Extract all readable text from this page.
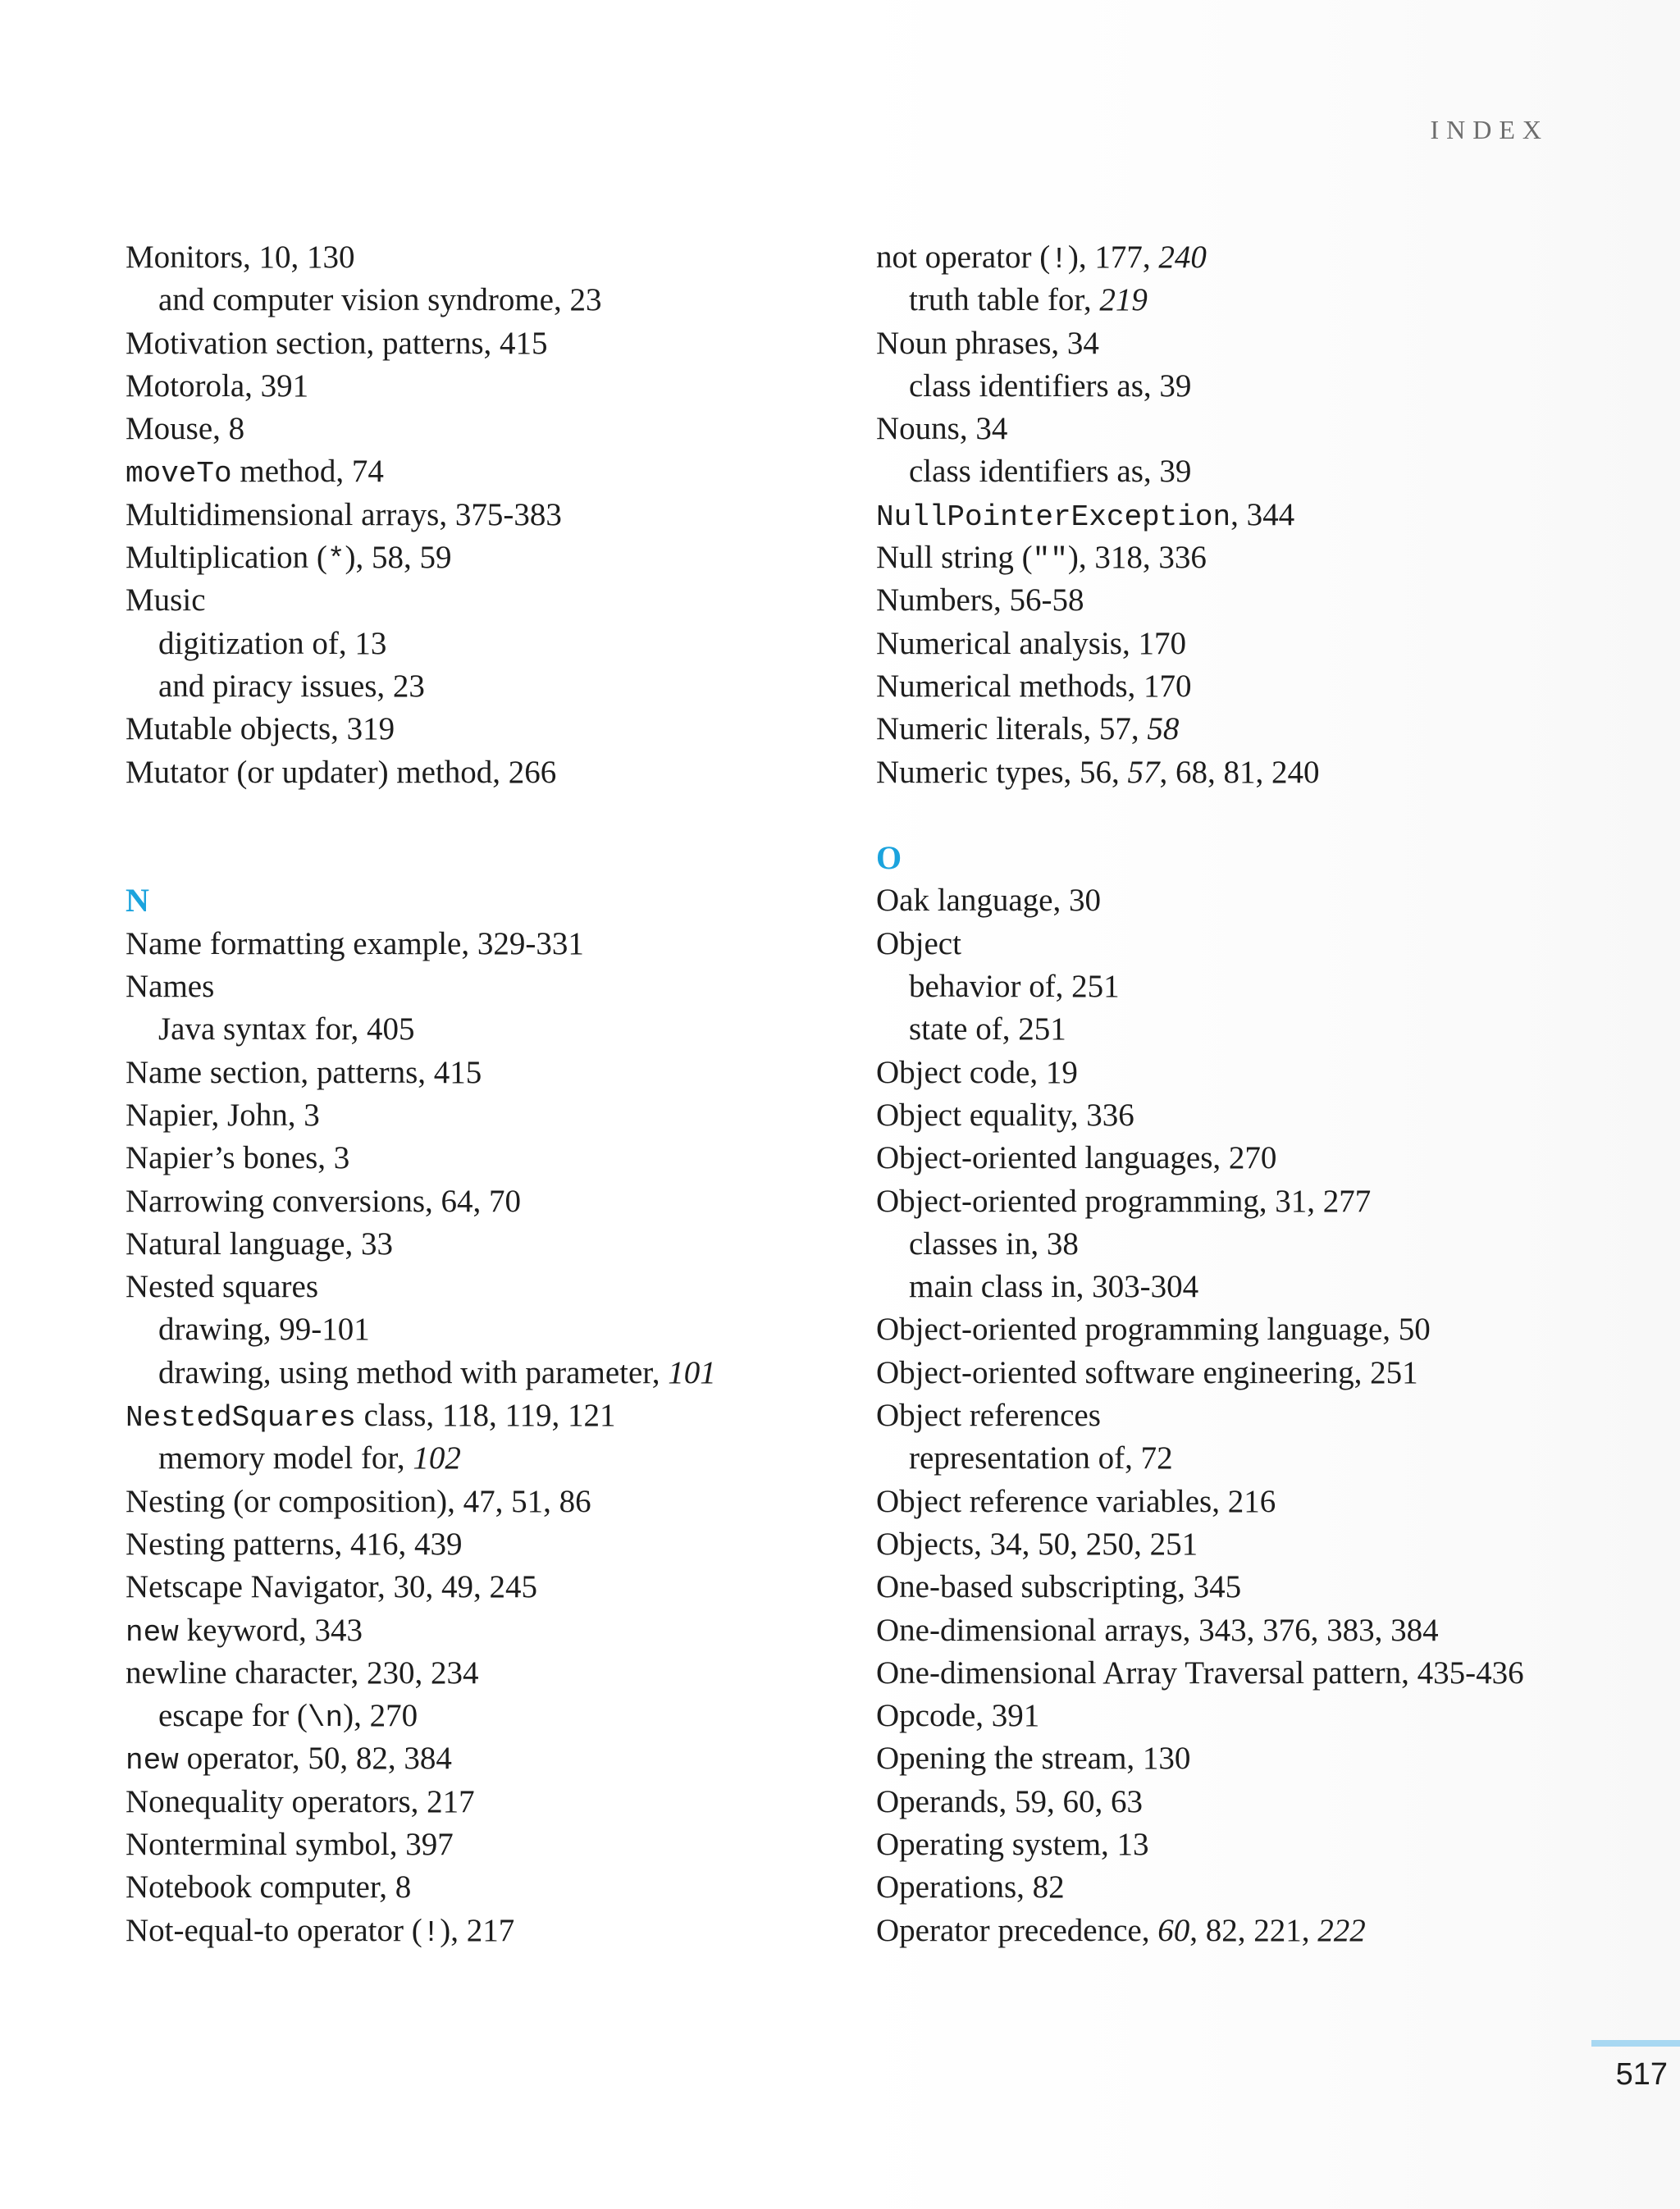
INDEX
Monitors, 10, 130
and computer vision syndrome, 23
Motivation section, patterns, 415
Motorola, 391
Mouse, 8
moveTo method, 74
Multidimensional arrays, 375-383
Multiplication (*), 58, 59
Music
digitization of, 13
and piracy issues, 23
Mutable objects, 319
Mutator (or updater) method, 266
N
Name formatting example, 329-331
Names
Java syntax for, 405
Name section, patterns, 415
Napier, John, 3
Napier’s bones, 3
Narrowing conversions, 64, 70
Natural language, 33
Nested squares
drawing, 99-101
drawing, using method with parameter, 101
NestedSquares class, 118, 119, 121
memory model for, 102
Nesting (or composition), 47, 51, 86
Nesting patterns, 416, 439
Netscape Navigator, 30, 49, 245
new keyword, 343
newline character, 230, 234
escape for (\n), 270
new operator, 50, 82, 384
Nonequality operators, 217
Nonterminal symbol, 397
Notebook computer, 8
Not-equal-to operator (!), 217
not operator (!), 177, 240
truth table for, 219
Noun phrases, 34
class identifiers as, 39
Nouns, 34
class identifiers as, 39
NullPointerException, 344
Null string (""), 318, 336
Numbers, 56-58
Numerical analysis, 170
Numerical methods, 170
Numeric literals, 57, 58
Numeric types, 56, 57, 68, 81, 240
O
Oak language, 30
Object
behavior of, 251
state of, 251
Object code, 19
Object equality, 336
Object-oriented languages, 270
Object-oriented programming, 31, 277
classes in, 38
main class in, 303-304
Object-oriented programming language, 50
Object-oriented software engineering, 251
Object references
representation of, 72
Object reference variables, 216
Objects, 34, 50, 250, 251
One-based subscripting, 345
One-dimensional arrays, 343, 376, 383, 384
One-dimensional Array Traversal pattern, 435-436
Opcode, 391
Opening the stream, 130
Operands, 59, 60, 63
Operating system, 13
Operations, 82
Operator precedence, 60, 82, 221, 222
517
